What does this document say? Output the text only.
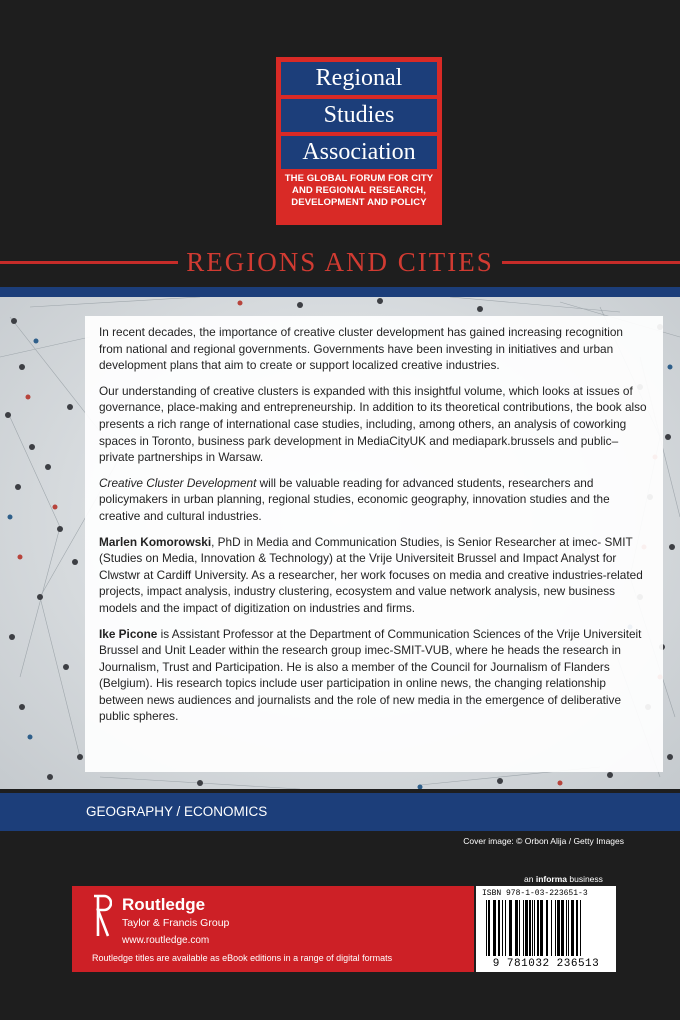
Regional
Studies
Association
THE GLOBAL FORUM FOR CITY
AND REGIONAL RESEARCH,
DEVELOPMENT AND POLICY
REGIONS AND CITIES

In recent decades, the importance of creative cluster development has gained increasing recognition from national and regional governments. Governments have been investing in initiatives and urban development plans that aim to create or support localized creative industries.

Our understanding of creative clusters is expanded with this insightful volume, which looks at issues of governance, place-making and entrepreneurship. In addition to its theoretical contributions, the book also presents a rich range of international case studies, including, among others, an analysis of coworking spaces in Toronto, business park development in MediaCityUK and mediapark.brussels and public–private partnerships in Warsaw.

Creative Cluster Development will be valuable reading for advanced students, researchers and policymakers in urban planning, regional studies, economic geography, innovation studies and the creative and cultural industries.

Marlen Komorowski, PhD in Media and Communication Studies, is Senior Researcher at imec- SMIT (Studies on Media, Innovation & Technology) at the Vrije Universiteit Brussel and Impact Analyst for Clwstwr at Cardiff University. As a researcher, her work focuses on media and creative industries-related projects, impact analysis, industry clustering, ecosystem and value network analysis, new business models and the impact of digitization on industries and firms.

Ike Picone is Assistant Professor at the Department of Communication Sciences of the Vrije Universiteit Brussel and Unit Leader within the research group imec-SMIT-VUB, where he heads the research in Journalism, Trust and Participation. He is also a member of the Council for Journalism of Flanders (Belgium). His research topics include user participation in online news, the changing relationship between news audiences and journalists and the role of new media in the emergence of deliberative public spheres.

GEOGRAPHY / ECONOMICS
Cover image: © Orbon Alija / Getty Images
an informa business
Routledge
Taylor & Francis Group
www.routledge.com
Routledge titles are available as eBook editions in a range of digital formats
ISBN 978-1-03-223651-3
9 781032 236513
